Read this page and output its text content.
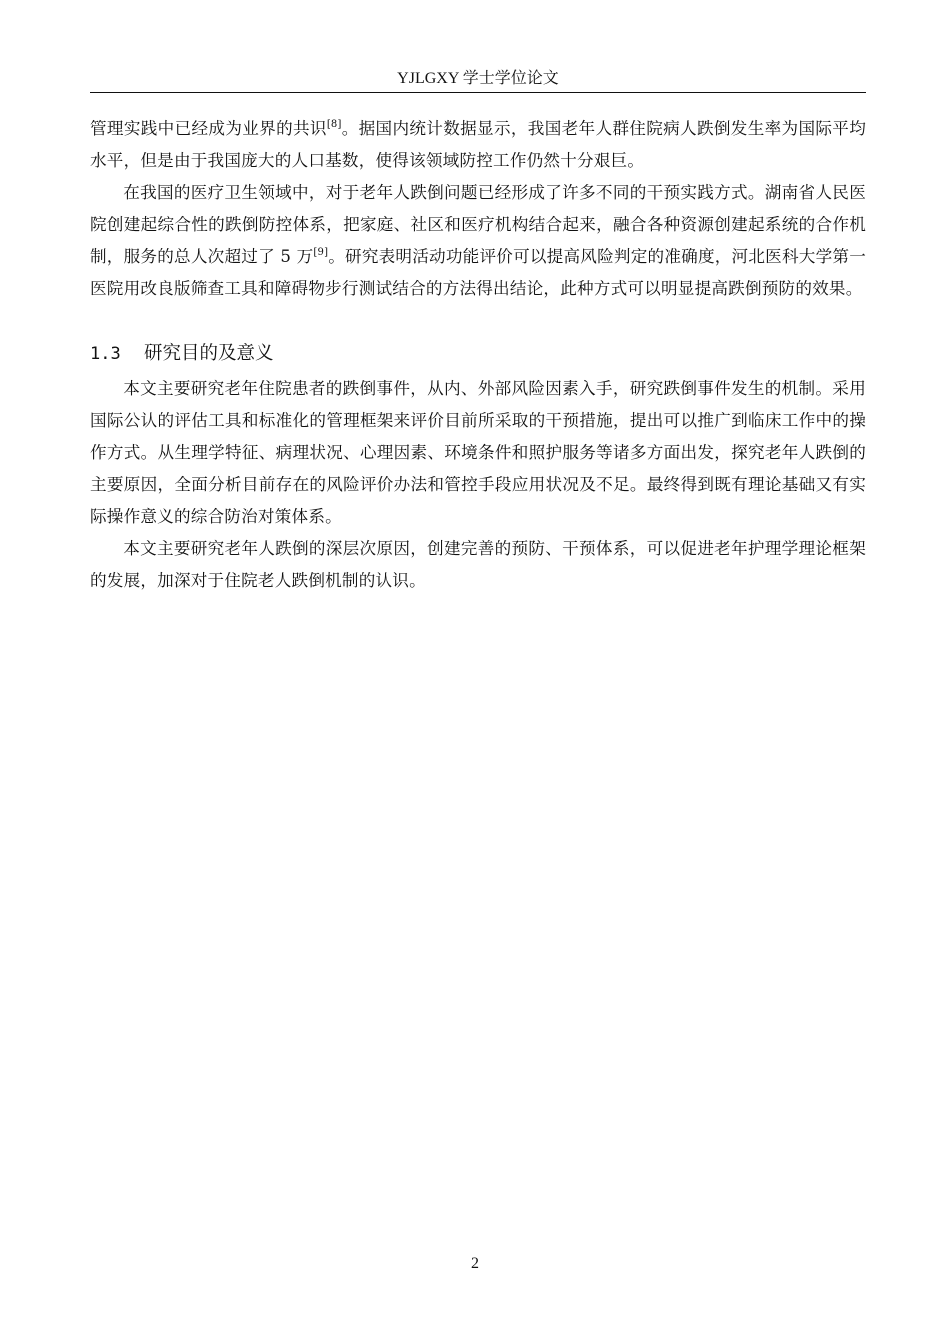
YJLGXY 学士学位论文

管理实践中已经成为业界的共识[8]。据国内统计数据显示，我国老年人群住院病人跌倒发生率为国际平均水平，但是由于我国庞大的人口基数，使得该领域防控工作仍然十分艰巨。

在我国的医疗卫生领域中，对于老年人跌倒问题已经形成了许多不同的干预实践方式。湖南省人民医院创建起综合性的跌倒防控体系，把家庭、社区和医疗机构结合起来，融合各种资源创建起系统的合作机制，服务的总人次超过了 5 万[9]。研究表明活动功能评价可以提高风险判定的准确度，河北医科大学第一医院用改良版筛查工具和障碍物步行测试结合的方法得出结论，此种方式可以明显提高跌倒预防的效果。

1.3 研究目的及意义

本文主要研究老年住院患者的跌倒事件，从内、外部风险因素入手，研究跌倒事件发生的机制。采用国际公认的评估工具和标准化的管理框架来评价目前所采取的干预措施，提出可以推广到临床工作中的操作方式。从生理学特征、病理状况、心理因素、环境条件和照护服务等诸多方面出发，探究老年人跌倒的主要原因，全面分析目前存在的风险评价办法和管控手段应用状况及不足。最终得到既有理论基础又有实际操作意义的综合防治对策体系。

本文主要研究老年人跌倒的深层次原因，创建完善的预防、干预体系，可以促进老年护理学理论框架的发展，加深对于住院老人跌倒机制的认识。

2
